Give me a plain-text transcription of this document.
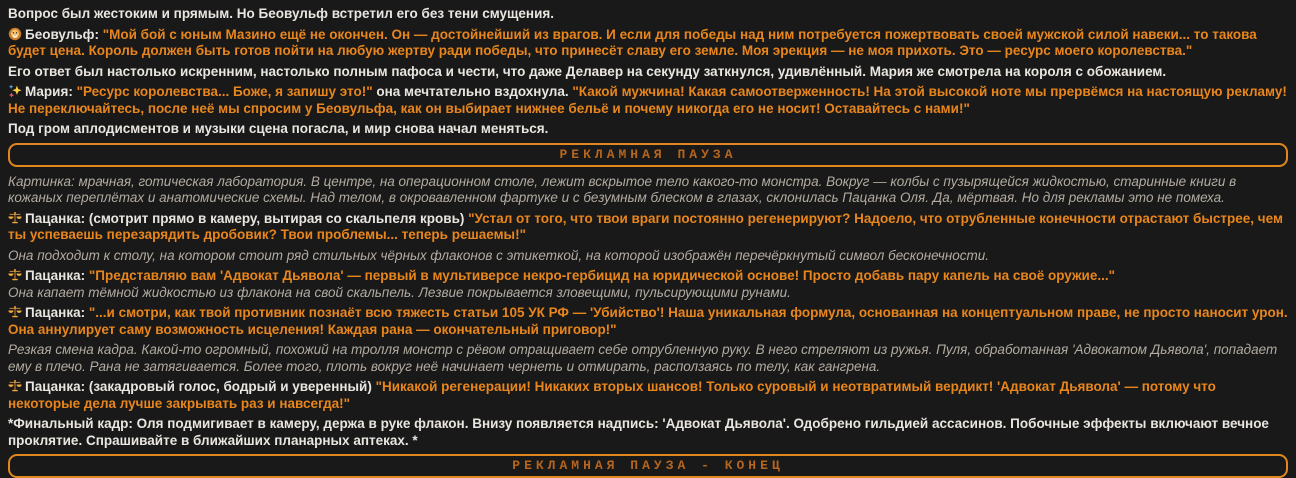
Вопрос был жестоким и прямым. Но Беовульф встретил его без тени смущения.

Беовульф: "Мой бой с юным Мазино ещё не окончен. Он — достойнейший из врагов. И если для победы над ним потребуется пожертвовать своей мужской силой навеки... то такова будет цена. Король должен быть готов пойти на любую жертву ради победы, что принесёт славу его земле. Моя эрекция — не моя прихоть. Это — ресурс моего королевства."

Его ответ был настолько искренним, настолько полным пафоса и чести, что даже Делавер на секунду заткнулся, удивлённый. Мария же смотрела на короля с обожанием.

Мария: "Ресурс королевства... Боже, я запишу это!" она мечтательно вздохнула. "Какой мужчина! Какая самоотверженность! На этой высокой ноте мы прервёмся на настоящую рекламу! Не переключайтесь, после неё мы спросим у Беовульфа, как он выбирает нижнее бельё и почему никогда его не носит! Оставайтесь с нами!"

Под гром аплодисментов и музыки сцена погасла, и мир снова начал меняться.

РЕКЛАМНАЯ ПАУЗА

Картинка: мрачная, готическая лаборатория. В центре, на операционном столе, лежит вскрытое тело какого-то монстра. Вокруг — колбы с пузырящейся жидкостью, старинные книги в кожаных переплётах и анатомические схемы. Над телом, в окровавленном фартуке и с безумным блеском в глазах, склонилась Пацанка Оля. Да, мёртвая. Но для рекламы это не помеха.

Пацанка: (смотрит прямо в камеру, вытирая со скальпеля кровь) "Устал от того, что твои враги постоянно регенерируют? Надоело, что отрубленные конечности отрастают быстрее, чем ты успеваешь перезарядить дробовик? Твои проблемы... теперь решаемы!"

Она подходит к столу, на котором стоит ряд стильных чёрных флаконов с этикеткой, на которой изображён перечёркнутый символ бесконечности.

Пацанка: "Представляю вам 'Адвокат Дьявола' — первый в мультиверсе некро-гербицид на юридической основе! Просто добавь пару капель на своё оружие..."
Она капает тёмной жидкостью из флакона на свой скальпель. Лезвие покрывается зловещими, пульсирующими рунами.

Пацанка: "...и смотри, как твой противник познаёт всю тяжесть статьи 105 УК РФ — 'Убийство'! Наша уникальная формула, основанная на концептуальном праве, не просто наносит урон. Она аннулирует саму возможность исцеления! Каждая рана — окончательный приговор!"

Резкая смена кадра. Какой-то огромный, похожий на тролля монстр с рёвом отращивает себе отрубленную руку. В него стреляют из ружья. Пуля, обработанная 'Адвокатом Дьявола', попадает ему в плечо. Рана не затягивается. Более того, плоть вокруг неё начинает чернеть и отмирать, расползаясь по телу, как гангрена.

Пацанка: (закадровый голос, бодрый и уверенный) "Никакой регенерации! Никаких вторых шансов! Только суровый и неотвратимый вердикт! 'Адвокат Дьявола' — потому что некоторые дела лучше закрывать раз и навсегда!"

*Финальный кадр: Оля подмигивает в камеру, держа в руке флакон. Внизу появляется надпись: 'Адвокат Дьявола'. Одобрено гильдией ассасинов. Побочные эффекты включают вечное проклятие. Спрашивайте в ближайших планарных аптеках. *

РЕКЛАМНАЯ ПАУЗА - КОНЕЦ
